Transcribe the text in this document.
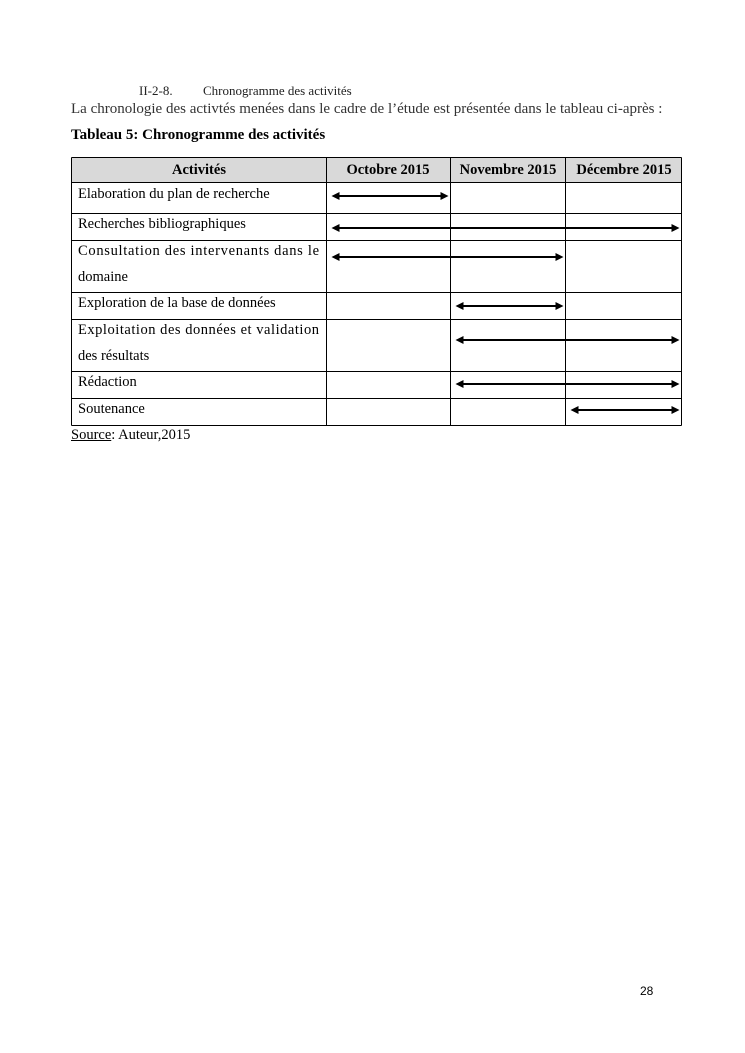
II-2-8. Chronogramme des activités
La chronologie des activtés menées dans le cadre de l’étude est présentée dans le tableau ci-après :
Tableau 5: Chronogramme des activités
Activités	Octobre 2015 Novembre 2015 Décembre 2015
Elaboration du plan de recherche
Recherches bibliographiques
Consultation des intervenants dans le
domaine
Exploration de la base de données
Exploitation des données et validation
des résultats
Rédaction
Soutenance
Source: Auteur,2015
28
